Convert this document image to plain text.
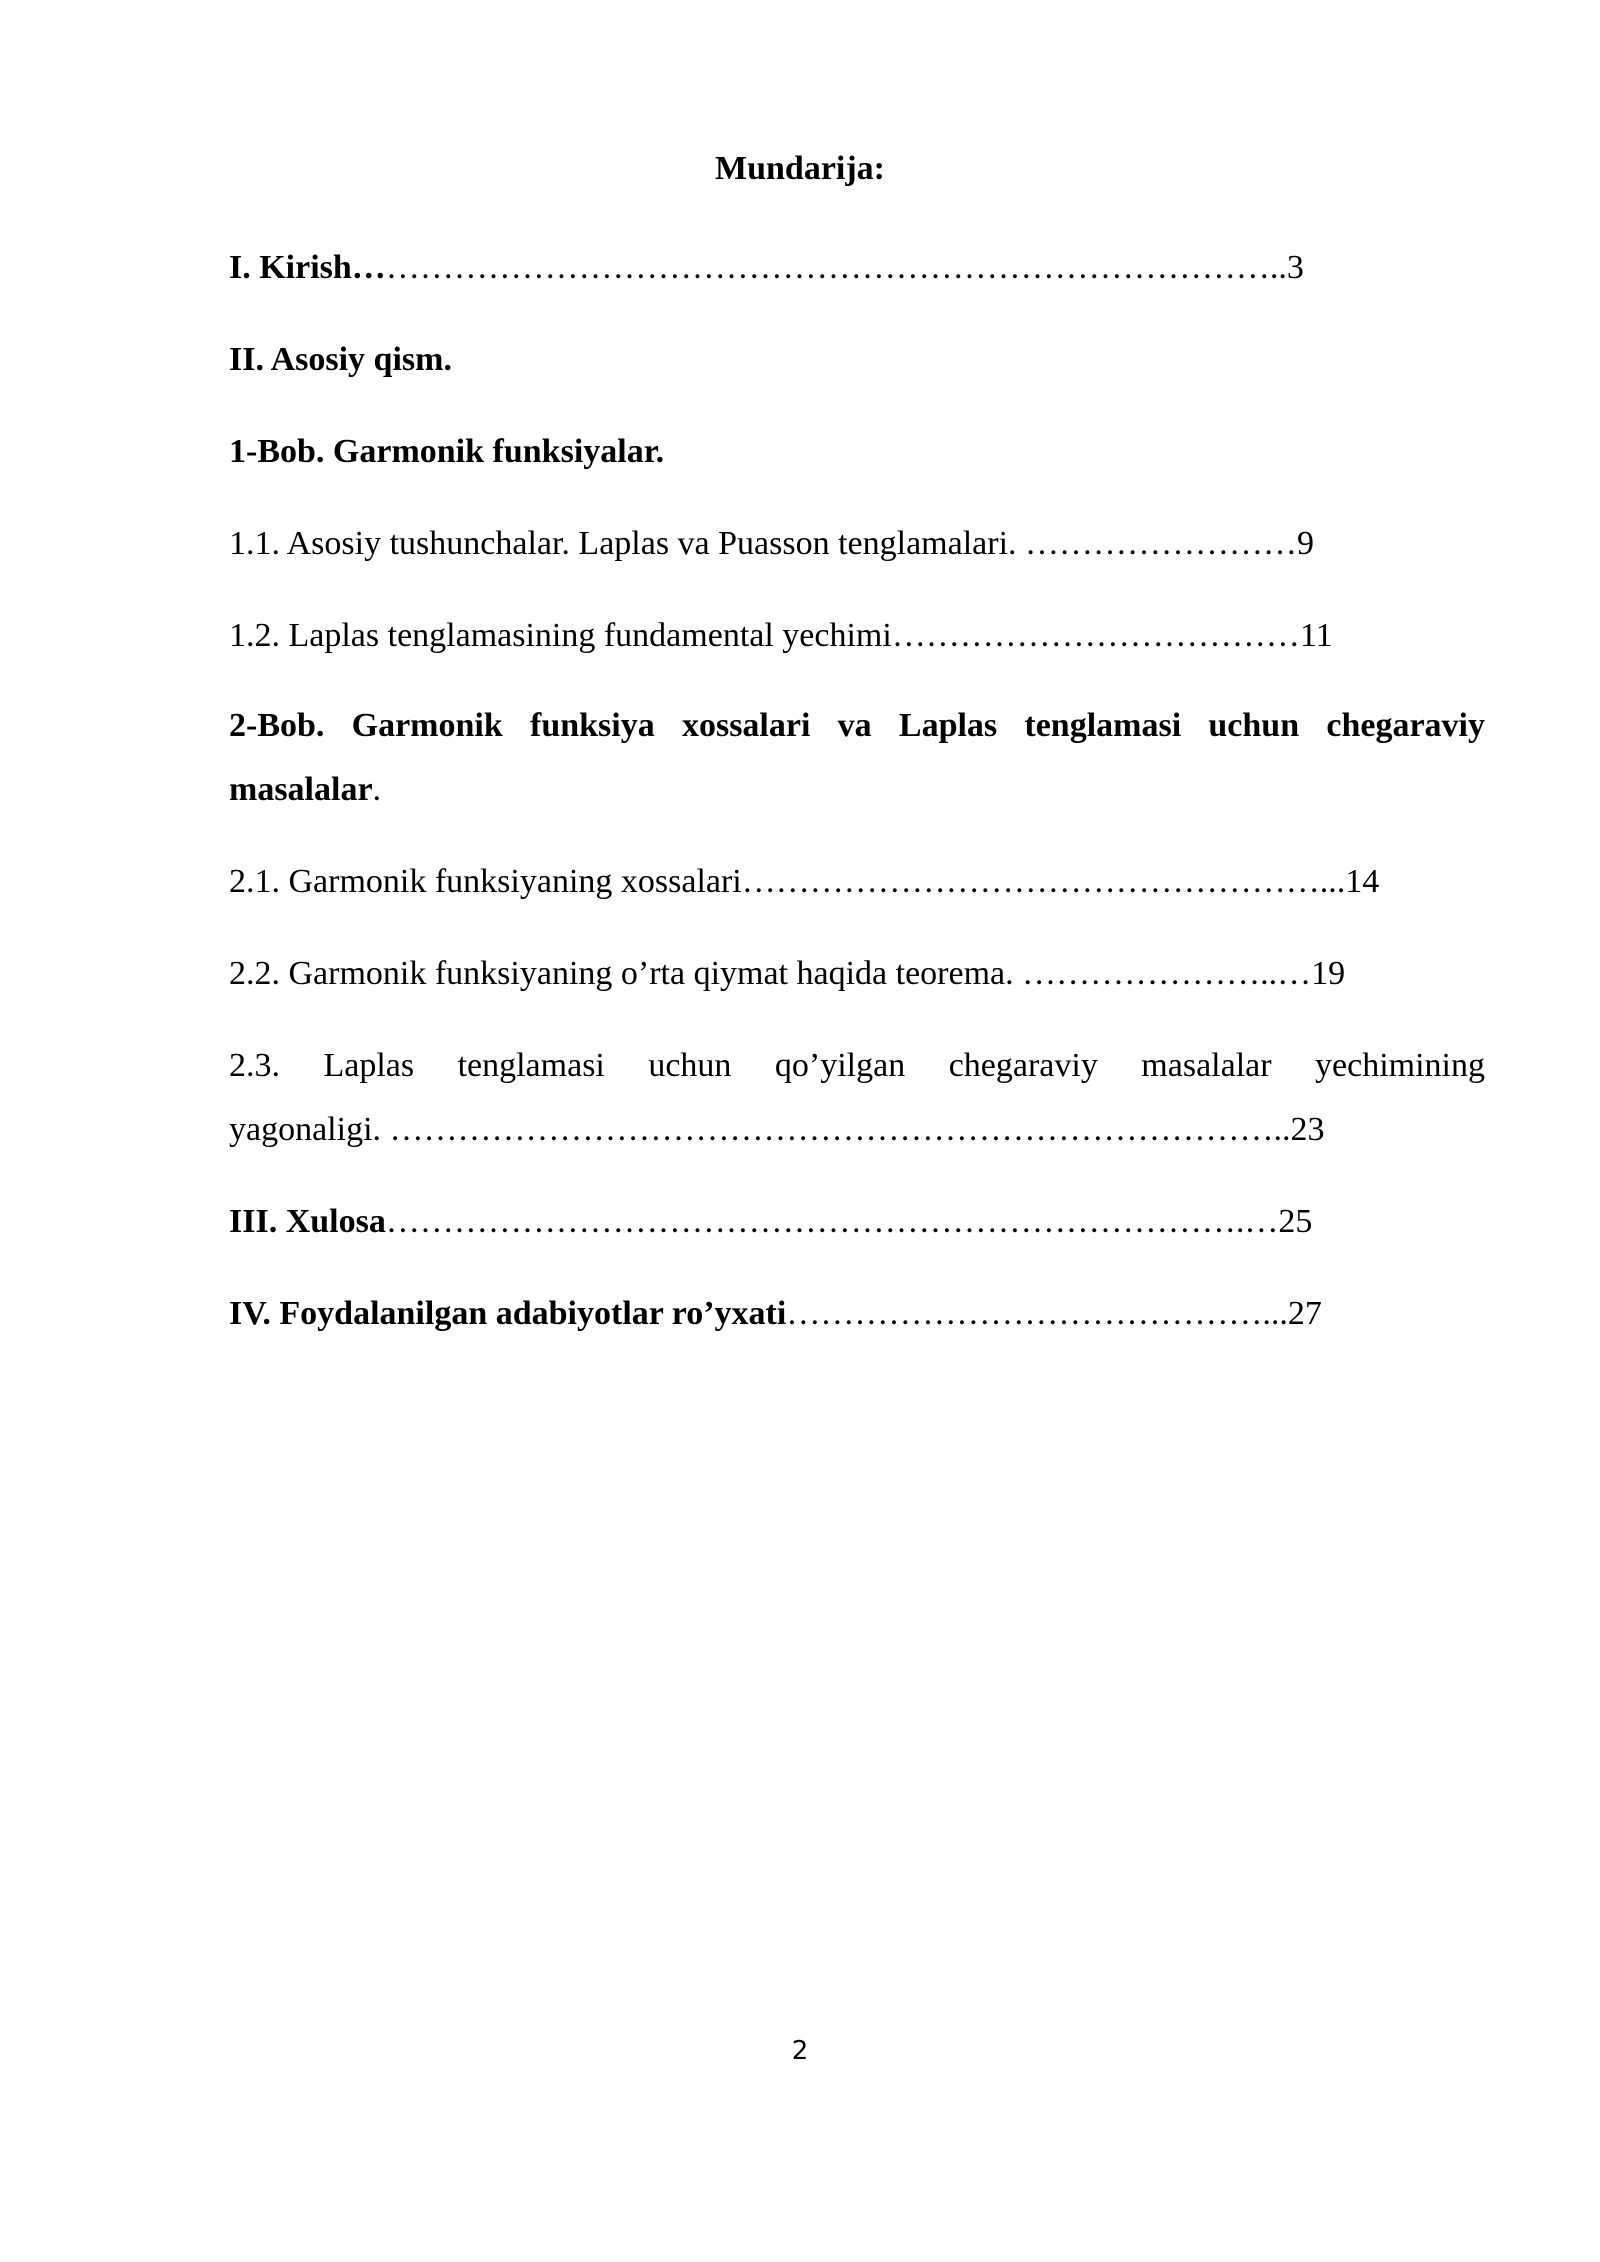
Mundarija:
I. Kirish………………………………………………………………………..3
II. Asosiy qism.
1-Bob. Garmonik funksiyalar.
1.1. Asosiy tushunchalar. Laplas va Puasson tenglamalari. ……………………9
1.2. Laplas tenglamasining fundamental yechimi………………………………11
2-Bob. Garmonik funksiya xossalari va Laplas tenglamasi uchun chegaraviy
masalalar.
2.1. Garmonik funksiyaning xossalari……………………………………………...14
2.2. Garmonik funksiyaning o’rta qiymat haqida teorema. …………………..…19
2.3. Laplas tenglamasi uchun qo’yilgan chegaraviy masalalar yechimining
yagonaligi. ……………………………………………………………………..23
III. Xulosa………………………………………………………………….…25
IV. Foydalanilgan adabiyotlar ro’yxati……………………………………...27
2
